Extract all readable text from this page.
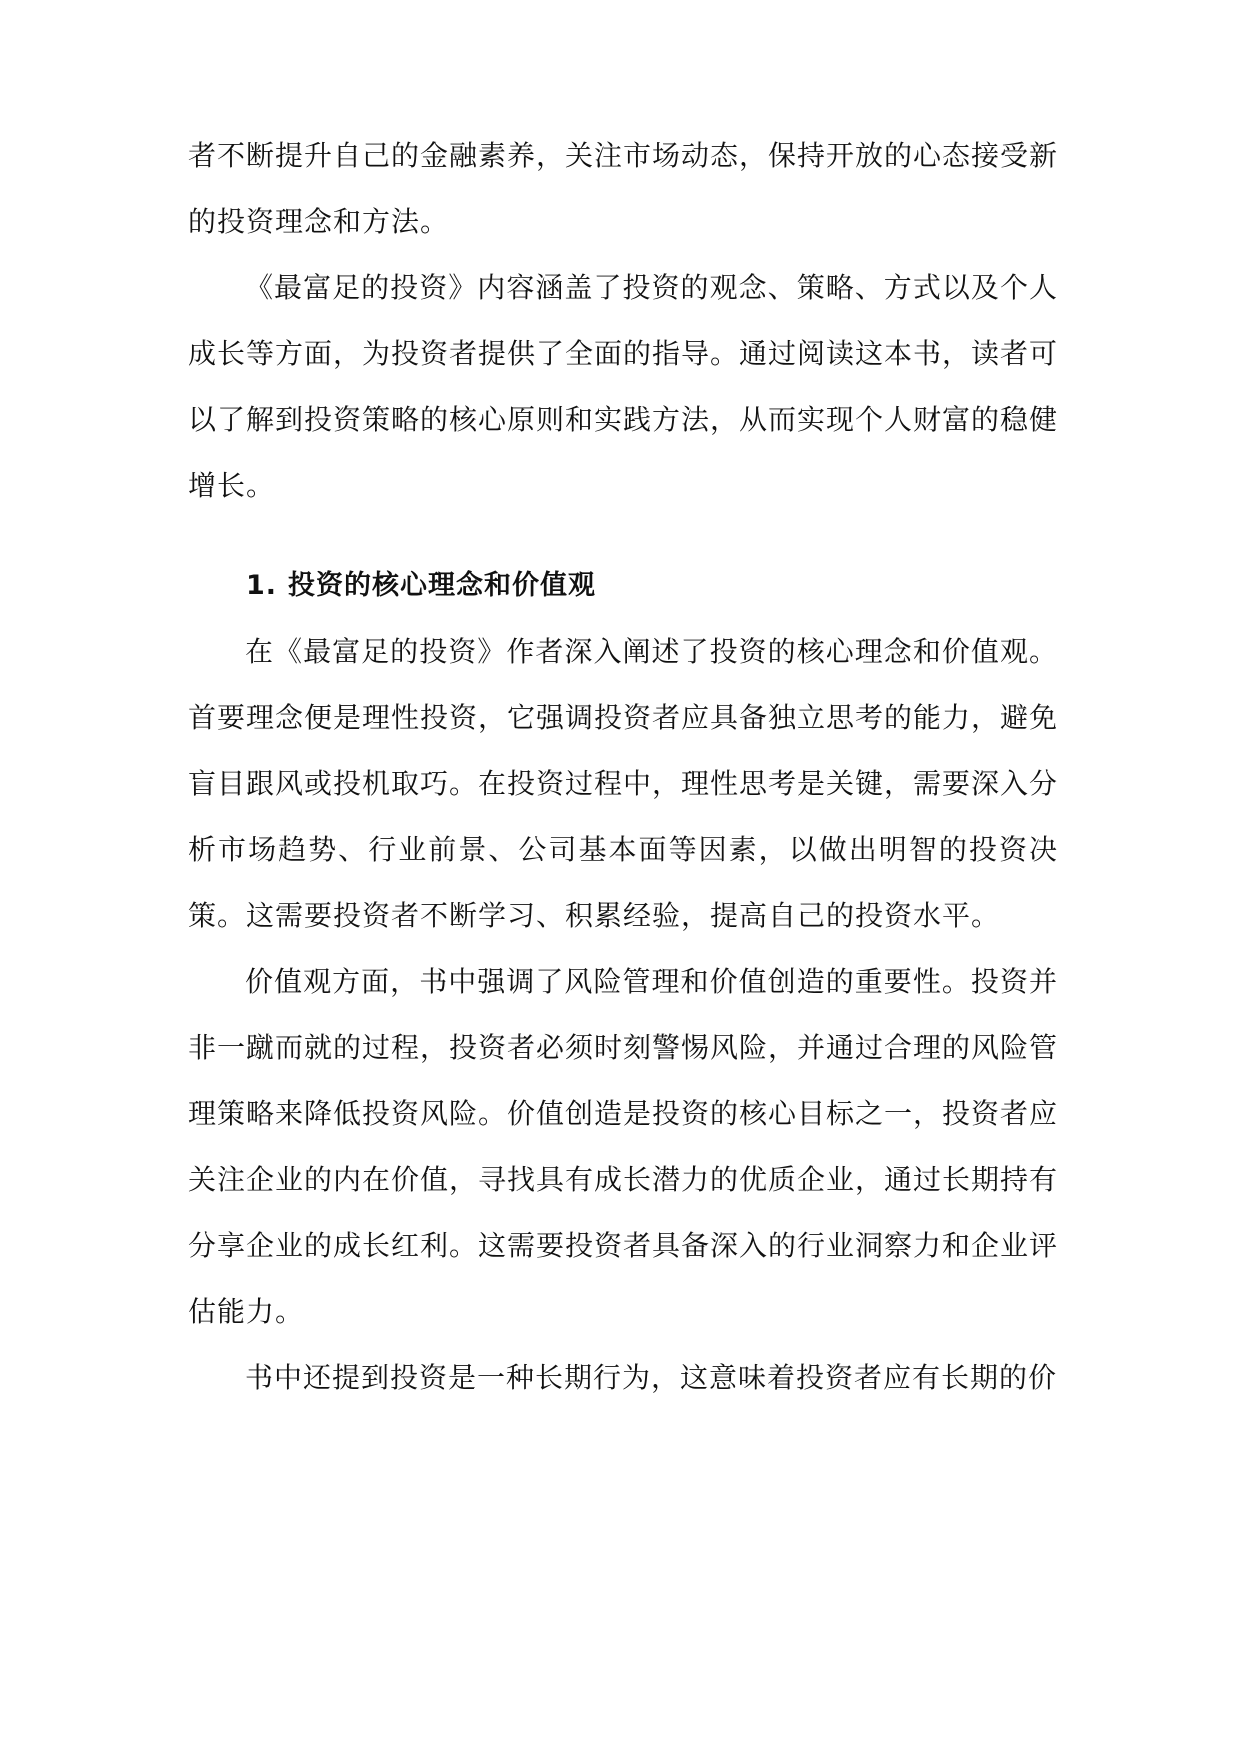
者不断提升自己的金融素养，关注市场动态，保持开放的心态接受新的投资理念和方法。

《最富足的投资》内容涵盖了投资的观念、策略、方式以及个人成长等方面，为投资者提供了全面的指导。通过阅读这本书，读者可以了解到投资策略的核心原则和实践方法，从而实现个人财富的稳健增长。

1. 投资的核心理念和价值观

在《最富足的投资》作者深入阐述了投资的核心理念和价值观。首要理念便是理性投资，它强调投资者应具备独立思考的能力，避免盲目跟风或投机取巧。在投资过程中，理性思考是关键，需要深入分析市场趋势、行业前景、公司基本面等因素，以做出明智的投资决策。这需要投资者不断学习、积累经验，提高自己的投资水平。

价值观方面，书中强调了风险管理和价值创造的重要性。投资并非一蹴而就的过程，投资者必须时刻警惕风险，并通过合理的风险管理策略来降低投资风险。价值创造是投资的核心目标之一，投资者应关注企业的内在价值，寻找具有成长潜力的优质企业，通过长期持有分享企业的成长红利。这需要投资者具备深入的行业洞察力和企业评估能力。

书中还提到投资是一种长期行为，这意味着投资者应有长期的价
